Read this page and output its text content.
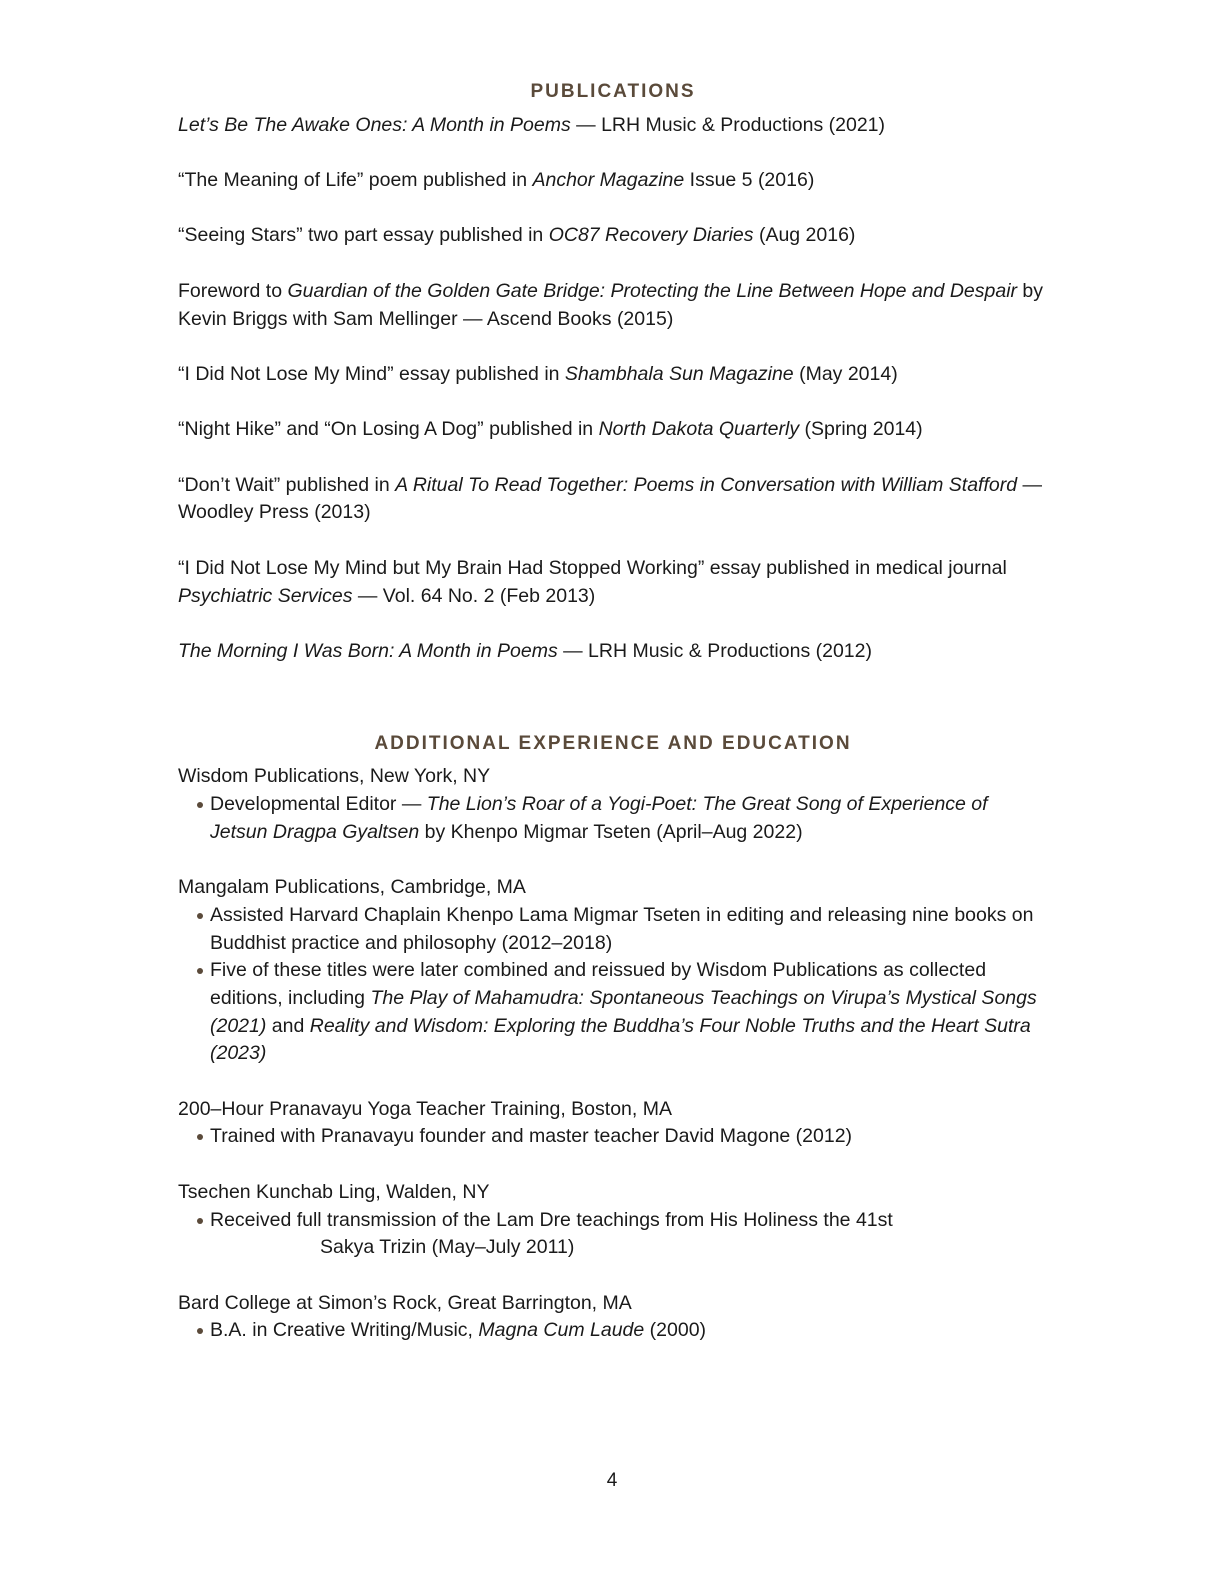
PUBLICATIONS

Let’s Be The Awake Ones: A Month in Poems — LRH Music & Productions (2021)

“The Meaning of Life” poem published in Anchor Magazine Issue 5 (2016)

“Seeing Stars” two part essay published in OC87 Recovery Diaries (Aug 2016)

Foreword to Guardian of the Golden Gate Bridge: Protecting the Line Between Hope and Despair by Kevin Briggs with Sam Mellinger — Ascend Books (2015)

“I Did Not Lose My Mind” essay published in Shambhala Sun Magazine (May 2014)

“Night Hike” and “On Losing A Dog” published in North Dakota Quarterly (Spring 2014)

“Don’t Wait” published in A Ritual To Read Together: Poems in Conversation with William Stafford — Woodley Press (2013)

“I Did Not Lose My Mind but My Brain Had Stopped Working” essay published in medical journal Psychiatric Services — Vol. 64 No. 2 (Feb 2013)

The Morning I Was Born: A Month in Poems — LRH Music & Productions (2012)

ADDITIONAL EXPERIENCE AND EDUCATION
Wisdom Publications, New York, NY
Developmental Editor — The Lion’s Roar of a Yogi-Poet: The Great Song of Experience of Jetsun Dragpa Gyaltsen by Khenpo Migmar Tseten (April–Aug 2022)
Mangalam Publications, Cambridge, MA
Assisted Harvard Chaplain Khenpo Lama Migmar Tseten in editing and releasing nine books on Buddhist practice and philosophy (2012–2018)
Five of these titles were later combined and reissued by Wisdom Publications as collected editions, including The Play of Mahamudra: Spontaneous Teachings on Virupa’s Mystical Songs (2021) and Reality and Wisdom: Exploring the Buddha’s Four Noble Truths and the Heart Sutra (2023)
200–Hour Pranavayu Yoga Teacher Training, Boston, MA
Trained with Pranavayu founder and master teacher David Magone (2012)
Tsechen Kunchab Ling, Walden, NY
Received full transmission of the Lam Dre teachings from His Holiness the 41st
Sakya Trizin (May–July 2011)
Bard College at Simon’s Rock, Great Barrington, MA
B.A. in Creative Writing/Music, Magna Cum Laude (2000)
4
